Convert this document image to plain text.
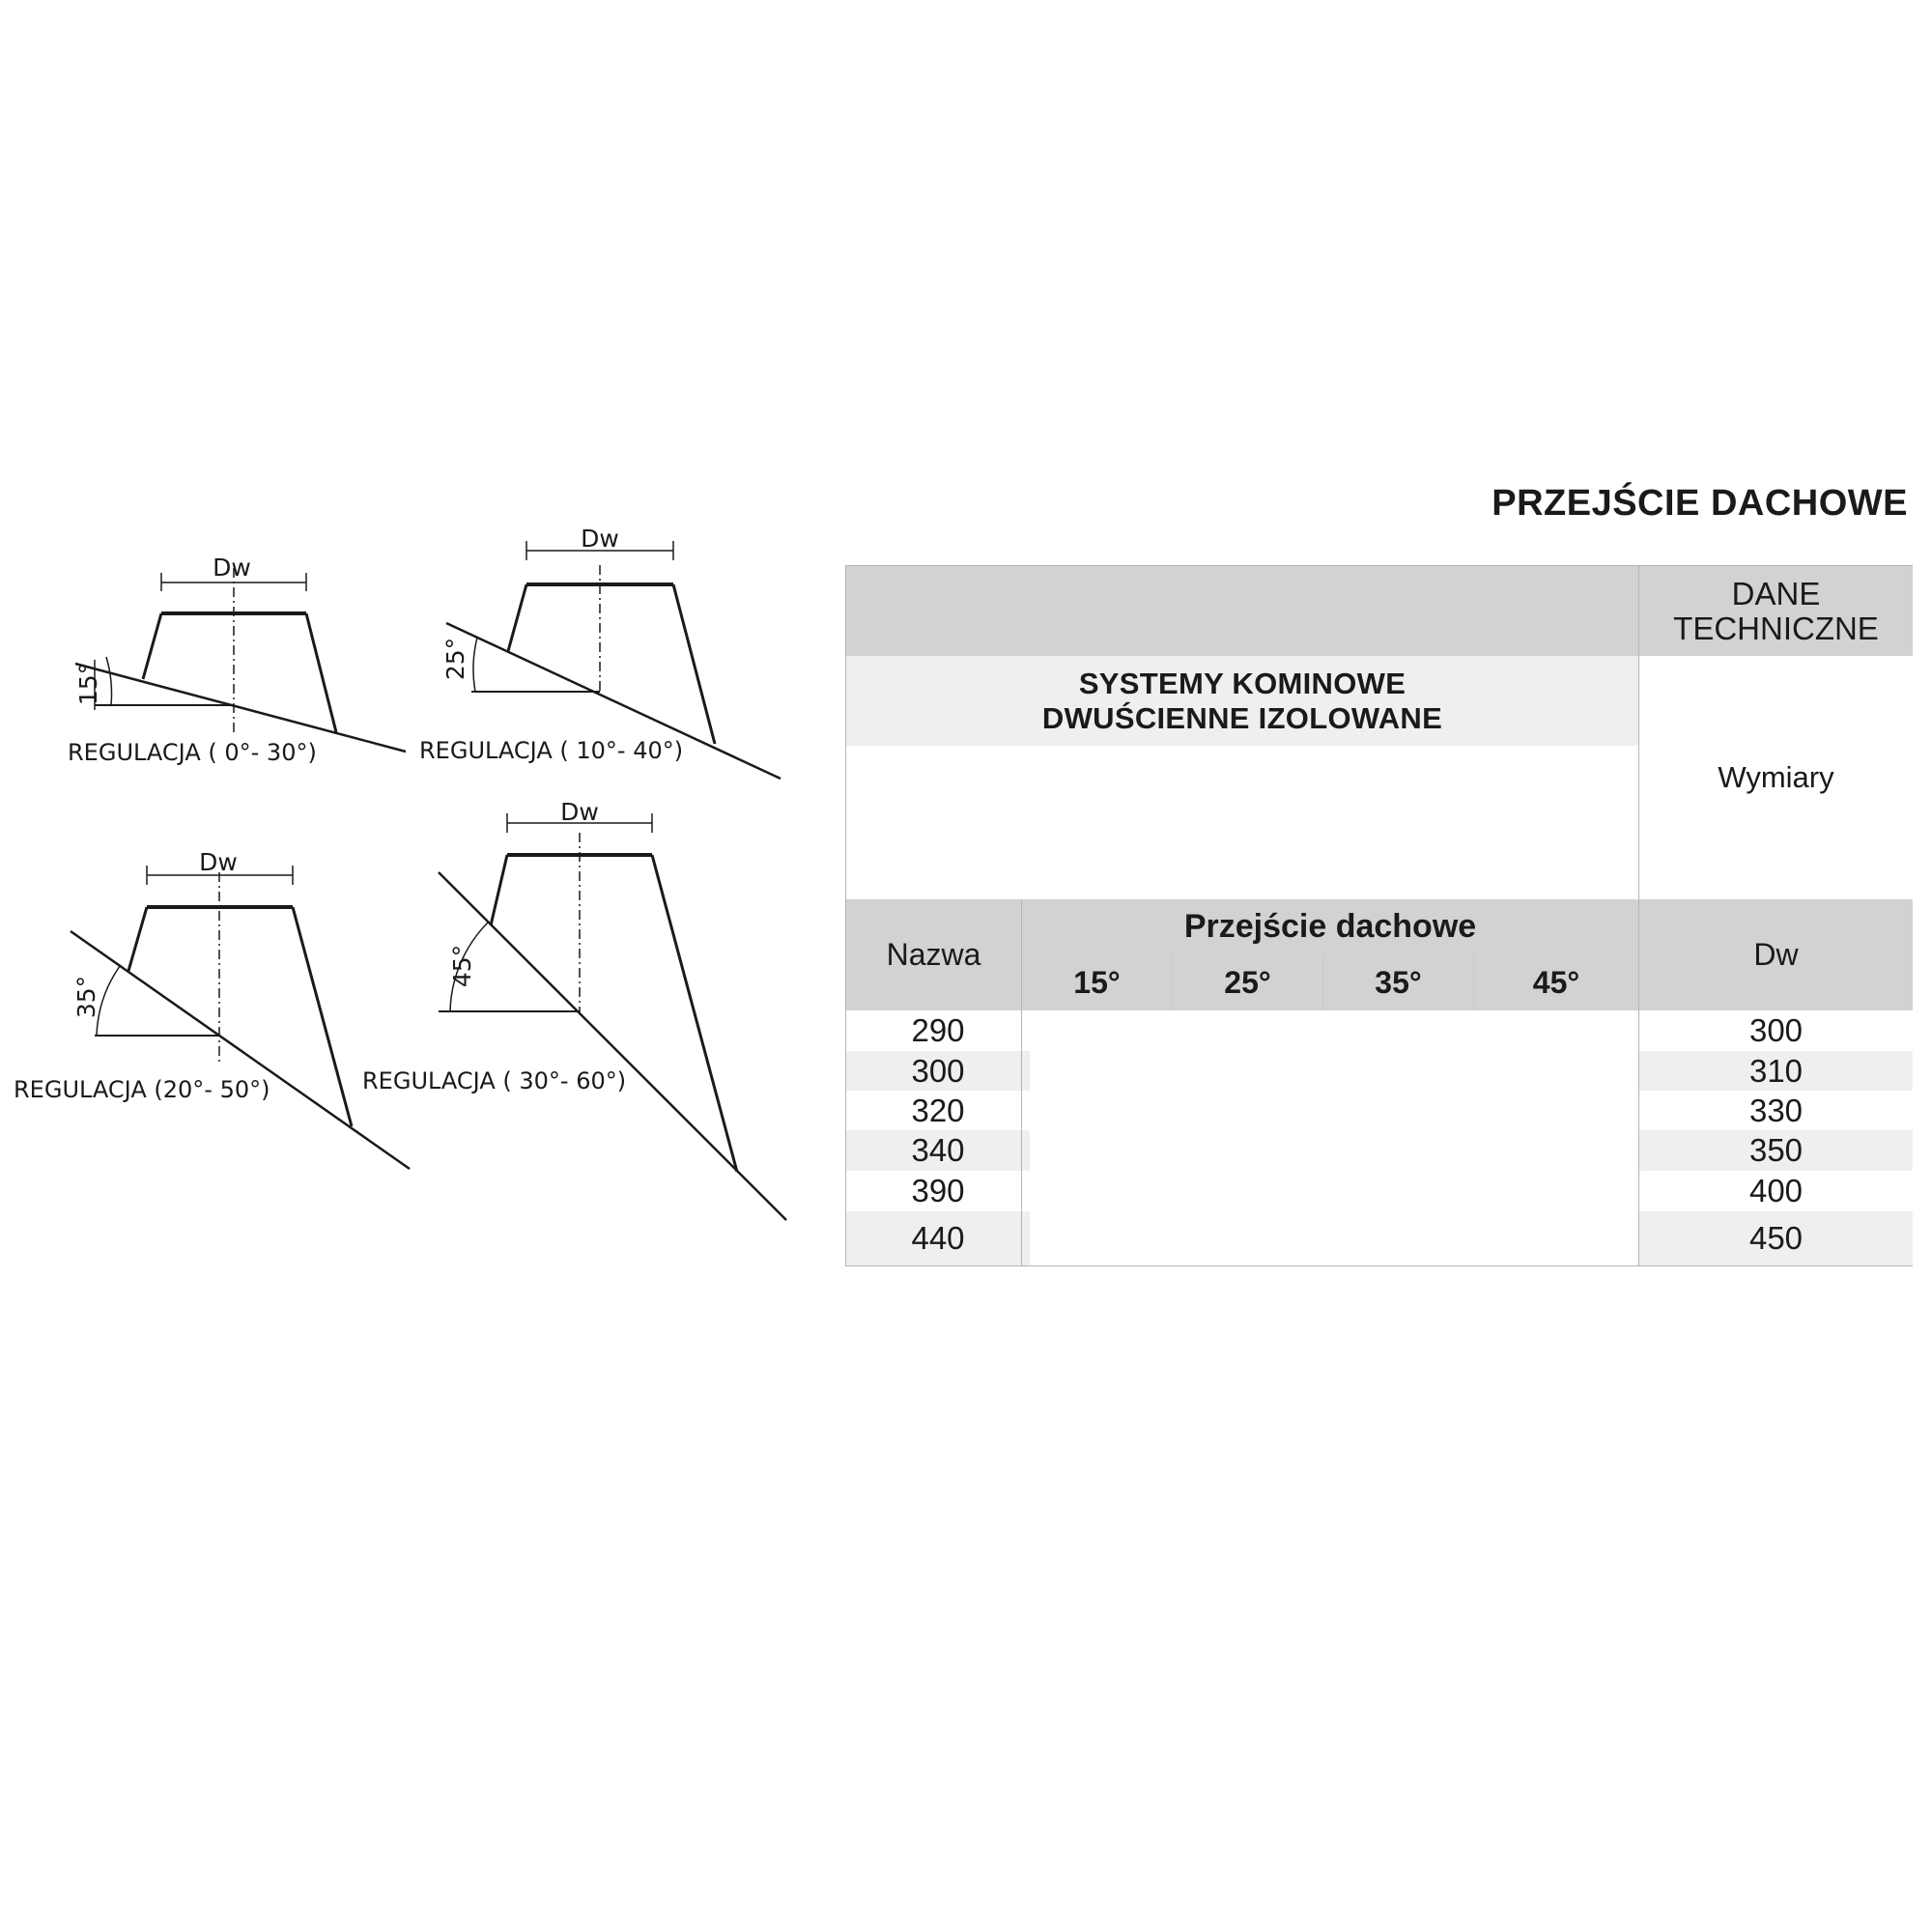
Dw
15°
REGULACJA ( 0°- 30°)
Dw
25°
REGULACJA ( 10°- 40°)
Dw
35°
REGULACJA (20°- 50°)
Dw
45°
REGULACJA ( 30°- 60°)
PRZEJŚCIE DACHOWE
DANE
TECHNICZNE
SYSTEMY KOMINOWE
DWUŚCIENNE IZOLOWANE
Wymiary
Nazwa
Przejście dachowe
15°	25°	35°	45°
Dw
290	300
300	310
320	330
340	350
390	400
440	450
